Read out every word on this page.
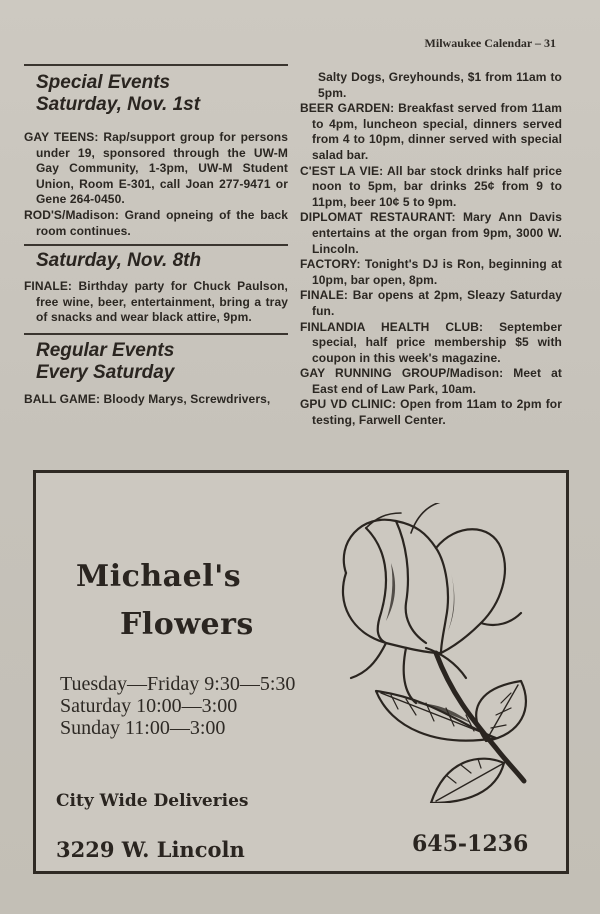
Milwaukee Calendar – 31
Special Events
Saturday, Nov. 1st

GAY TEENS: Rap/support group for persons under 19, sponsored through the UW-M Gay Community, 1-3pm, UW-M Student Union, Room E-301, call Joan 277-9471 or Gene 264-0450.

ROD'S/Madison: Grand opneing of the back room continues.

Saturday, Nov. 8th

FINALE: Birthday party for Chuck Paulson, free wine, beer, entertainment, bring a tray of snacks and wear black attire, 9pm.

Regular Events
Every Saturday

BALL GAME: Bloody Marys, Screwdrivers,

Salty Dogs, Greyhounds, $1 from 11am to 5pm.

BEER GARDEN: Breakfast served from 11am to 4pm, luncheon special, dinners served from 4 to 10pm, dinner served with special salad bar.

C'EST LA VIE: All bar stock drinks half price noon to 5pm, bar drinks 25¢ from 9 to 11pm, beer 10¢ 5 to 9pm.

DIPLOMAT RESTAURANT: Mary Ann Davis entertains at the organ from 9pm, 3000 W. Lincoln.

FACTORY: Tonight's DJ is Ron, beginning at 10pm, bar open, 8pm.

FINALE: Bar opens at 2pm, Sleazy Saturday fun.

FINLANDIA HEALTH CLUB: September special, half price membership $5 with coupon in this week's magazine.

GAY RUNNING GROUP/Madison: Meet at East end of Law Park, 10am.

GPU VD CLINIC: Open from 11am to 2pm for testing, Farwell Center.

Michael's
Flowers
Tuesday—Friday 9:30—5:30
Saturday 10:00—3:00
Sunday 11:00—3:00
City Wide Deliveries
3229 W. Lincoln	645-1236
